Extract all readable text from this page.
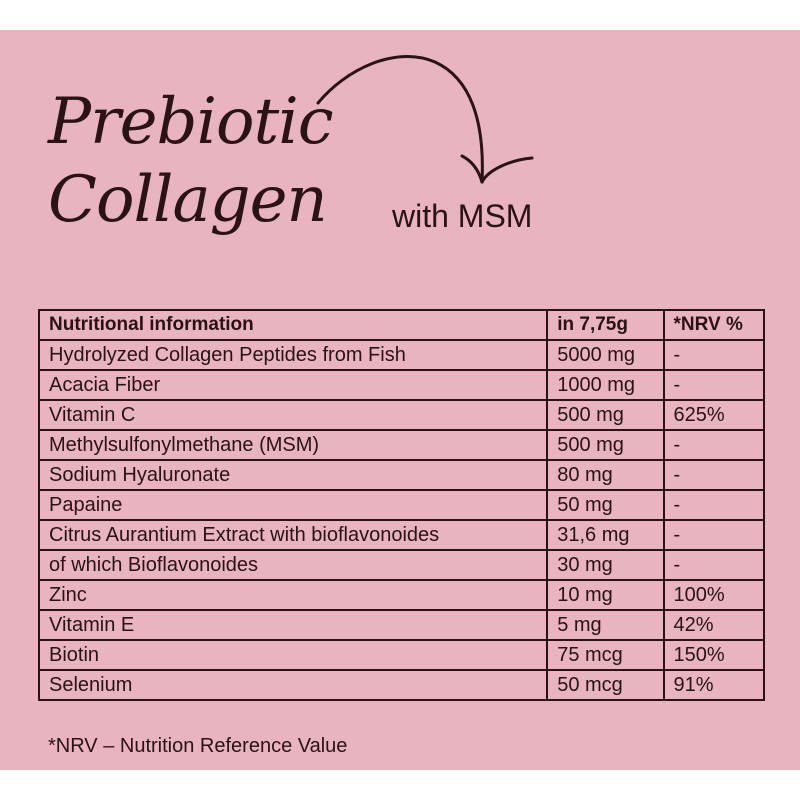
Prebiotic
Collagen with MSM
Nutritional information	in 7,75g	*NRV %
Hydrolyzed Collagen Peptides from Fish	5000 mg	-
Acacia Fiber	1000 mg	-
Vitamin C	500 mg	625%
Methylsulfonylmethane (MSM)	500 mg	-
Sodium Hyaluronate	80 mg	-
Papaine	50 mg	-
Citrus Aurantium Extract with bioflavonoides	31,6 mg	-
of which Bioflavonoides	30 mg	-
Zinc	10 mg	100%
Vitamin E	5 mg	42%
Biotin	75 mcg	150%
Selenium	50 mcg	91%
*NRV – Nutrition Reference Value
